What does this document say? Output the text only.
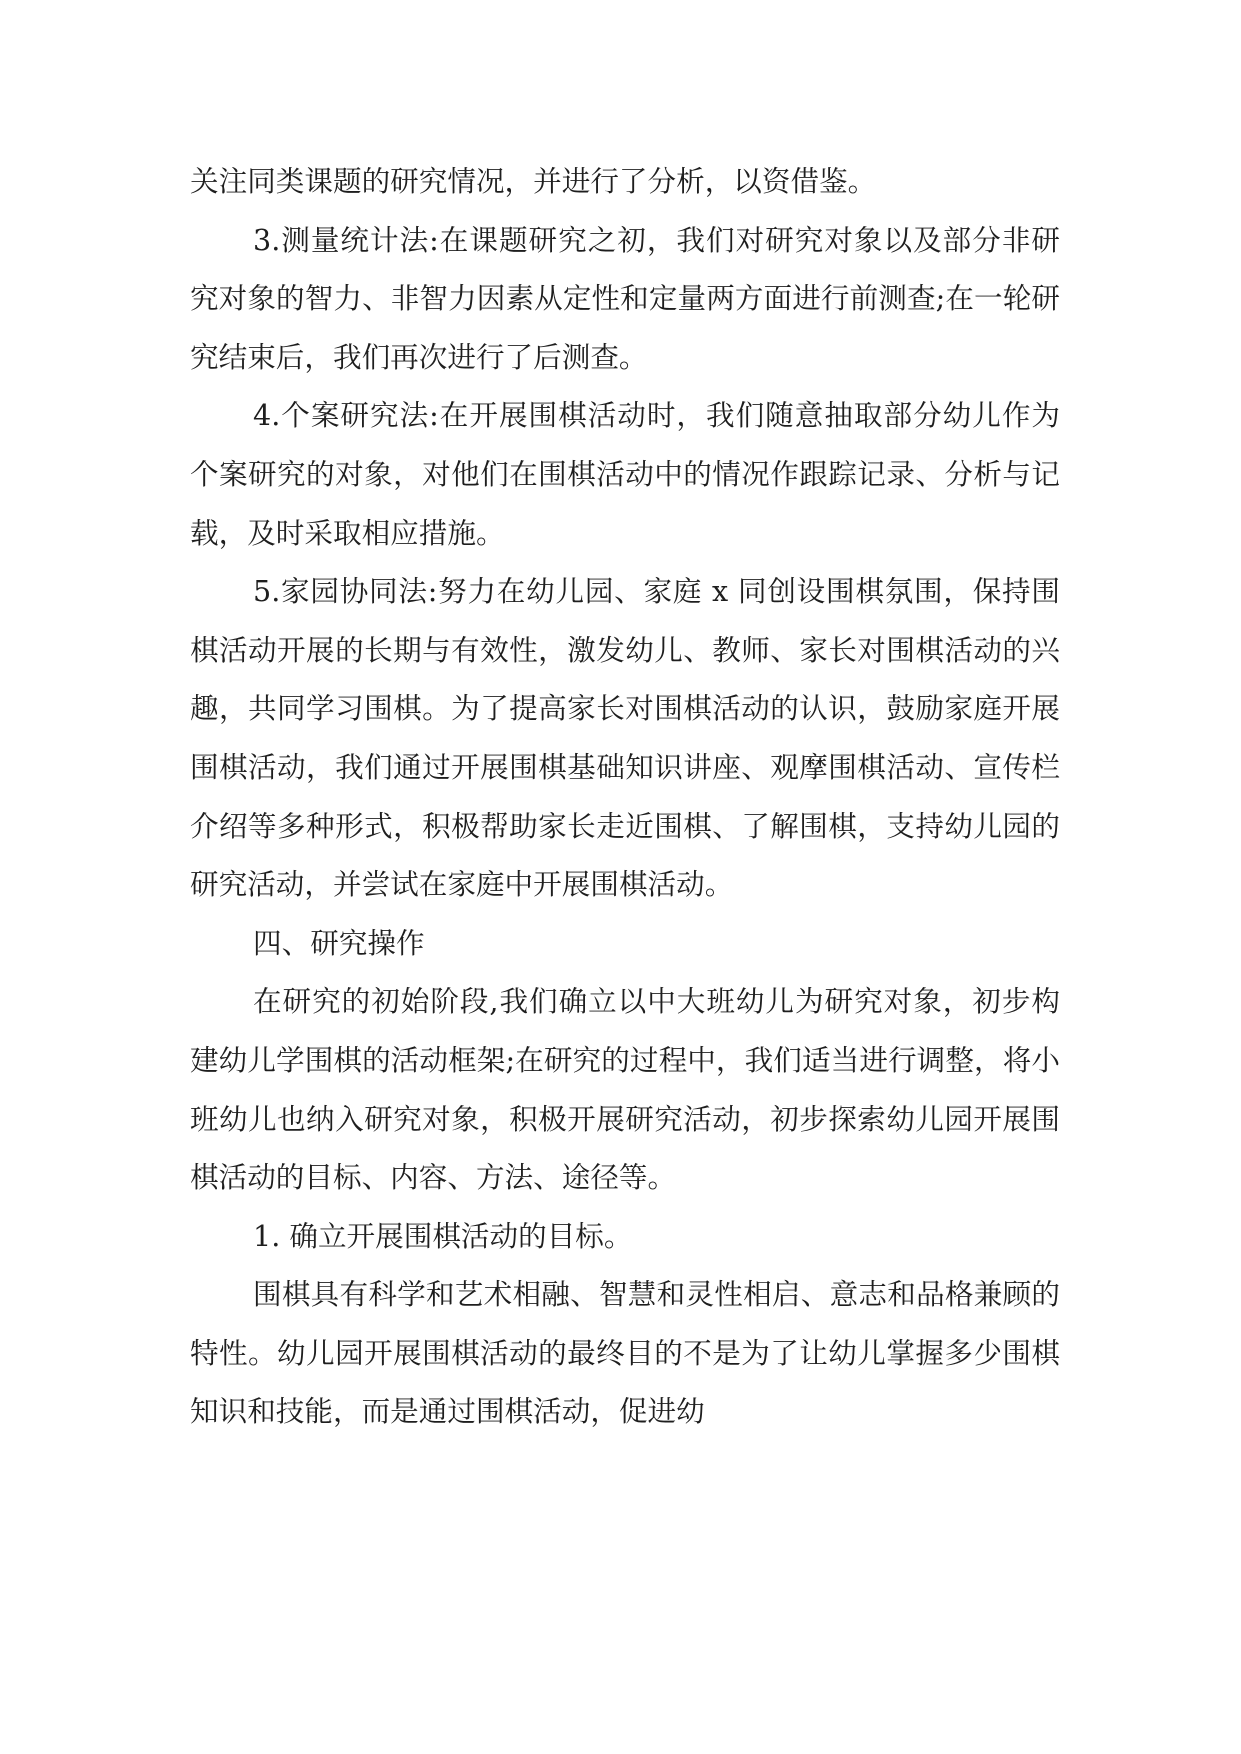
关注同类课题的研究情况，并进行了分析，以资借鉴。

3.测量统计法:在课题研究之初，我们对研究对象以及部分非研究对象的智力、非智力因素从定性和定量两方面进行前测查;在一轮研究结束后，我们再次进行了后测查。

4.个案研究法:在开展围棋活动时，我们随意抽取部分幼儿作为个案研究的对象，对他们在围棋活动中的情况作跟踪记录、分析与记载，及时采取相应措施。

5.家园协同法:努力在幼儿园、家庭 x 同创设围棋氛围，保持围棋活动开展的长期与有效性，激发幼儿、教师、家长对围棋活动的兴趣，共同学习围棋。为了提高家长对围棋活动的认识，鼓励家庭开展围棋活动，我们通过开展围棋基础知识讲座、观摩围棋活动、宣传栏介绍等多种形式，积极帮助家长走近围棋、了解围棋，支持幼儿园的研究活动，并尝试在家庭中开展围棋活动。

四、研究操作

在研究的初始阶段,我们确立以中大班幼儿为研究对象，初步构建幼儿学围棋的活动框架;在研究的过程中，我们适当进行调整，将小班幼儿也纳入研究对象，积极开展研究活动，初步探索幼儿园开展围棋活动的目标、内容、方法、途径等。

1. 确立开展围棋活动的目标。

围棋具有科学和艺术相融、智慧和灵性相启、意志和品格兼顾的特性。幼儿园开展围棋活动的最终目的不是为了让幼儿掌握多少围棋知识和技能，而是通过围棋活动，促进幼
